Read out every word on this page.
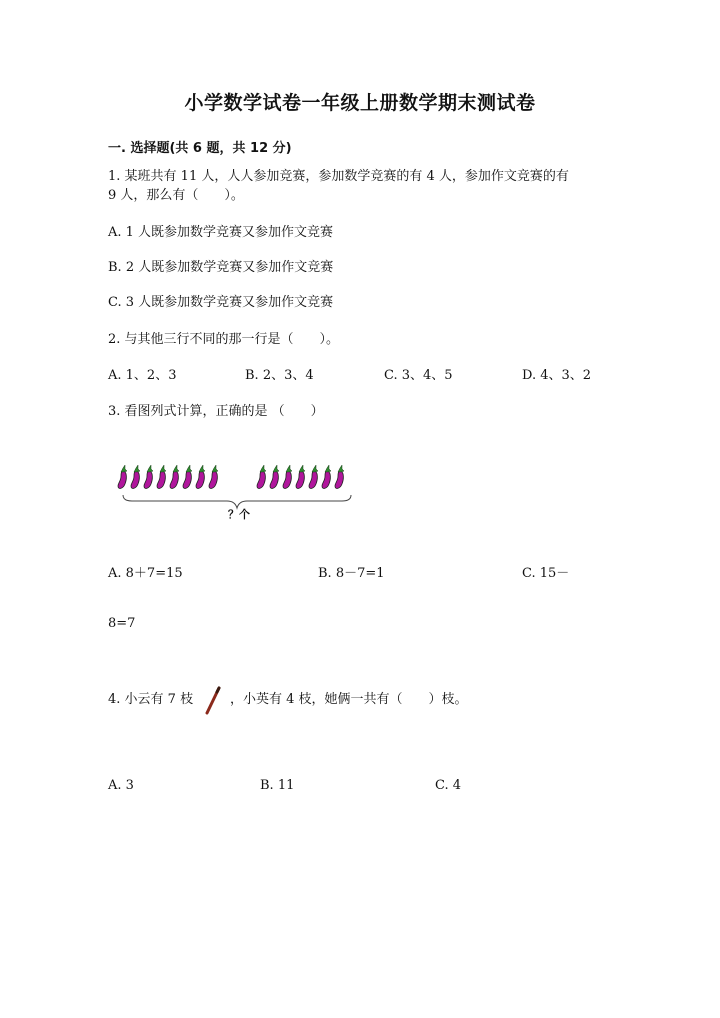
小学数学试卷一年级上册数学期末测试卷
一. 选择题(共 6 题，共 12 分)
1. 某班共有 11 人，人人参加竞赛，参加数学竞赛的有 4 人，参加作文竞赛的有
9 人，那么有（　　）。
A. 1 人既参加数学竞赛又参加作文竞赛
B. 2 人既参加数学竞赛又参加作文竞赛
C. 3 人既参加数学竞赛又参加作文竞赛
2. 与其他三行不同的那一行是（　　）。
A. 1、2、3	B. 2、3、4	C. 3、4、5	D. 4、3、2
3. 看图列式计算，正确的是 （　　）
？个
A. 8＋7=15	B. 8－7=1	C. 15－
8=7
4. 小云有 7 枝	，小英有 4 枝，她俩一共有（　　）枝。
A. 3	B. 11	C. 4
